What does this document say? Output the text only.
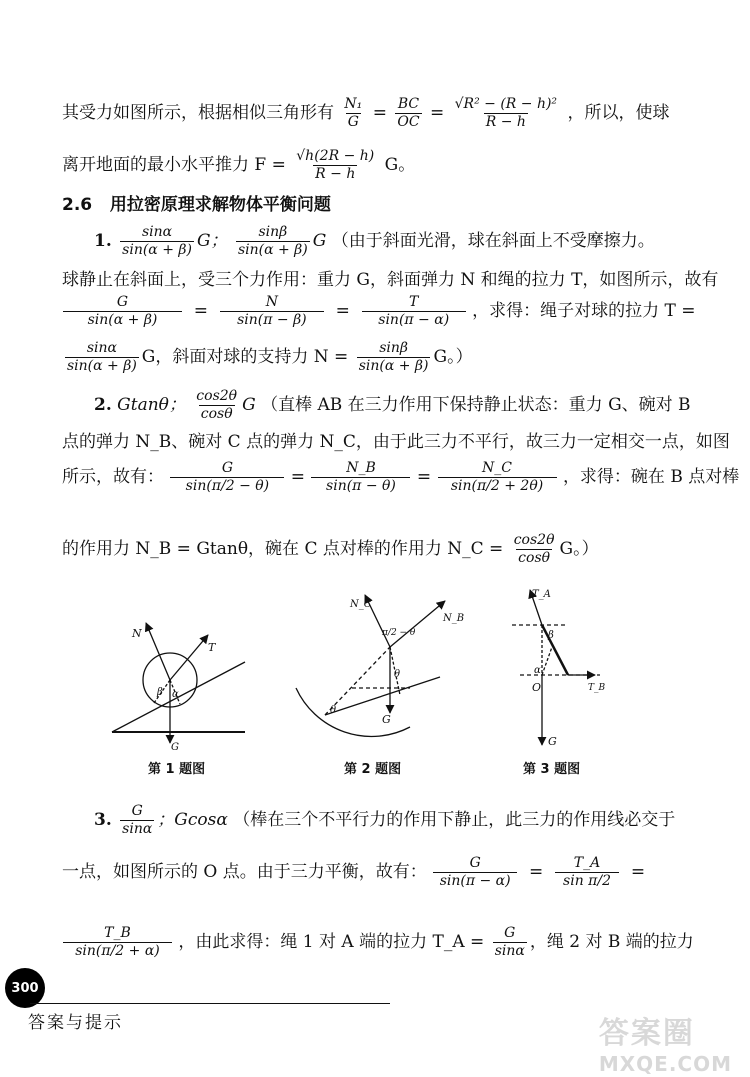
其受力如图所示，根据相似三角形有 $\frac{\text{N₁}}{G} = \frac{BC}{OC} = \frac{\text{√R² − (R − h)²}}{R - h}$ ，所以，使球
离开地面的最小水平推力 $F = \frac{√h(2R - h)}{R - h}$ G。
2.6 用拉密原理求解物体平衡问题
1. $\frac{\sin\alpha}{\sin(\alpha + \beta)}$ G； $\frac{\sin\beta}{\sin(\alpha + \beta)}$ G （由于斜面光滑，球在斜面上不受摩擦力。
球静止在斜面上，受三个力作用：重力 G，斜面弹力 N 和绳的拉力 T，如图所示，故有
$\frac{G}{\sin(\alpha + \beta)} = \frac{N}{\sin(\pi - \beta)} = \frac{T}{\sin(\pi - \alpha)}$ ，求得：绳子对球的拉力 T =
$\frac{\sin\alpha}{\sin(\alpha + \beta)}$ G，斜面对球的支持力 $N = \frac{\sin\beta}{\sin(\alpha + \beta)}$ G。）
2. Gtanθ； $\frac{\cos 2\theta}{\cos\theta}$ G （直棒 AB 在三力作用下保持静止状态：重力 G、碗对 B
点的弹力 N_B、碗对 C 点的弹力 N_C，由于此三力不平行，故三力一定相交一点，如图
所示，故有： $\frac{G}{\sin(\pi/2 - \theta)} = \frac{N\_B}{\sin(\pi - \theta)} = \frac{N\_C}{\sin(\pi/2 + 2\theta)}$ ，求得：碗在 B 点对棒
的作用力 N_B = Gtanθ，碗在 C 点对棒的作用力 N_C = $\frac{\cos 2\theta}{\cos\theta}$ G。）
N
T
G
β α
第 1 题图
N_C
N_B
π/2 − θ
θ
θ
G
第 2 题图
T_A
T_B
β
α
O
G
第 3 题图
3. $\frac{G}{\sin\alpha}$ ；Gcosα （棒在三个不平行力的作用下静止，此三力的作用线必交于
一点，如图所示的 O 点。由于三力平衡，故有： $\frac{G}{\sin(\pi - \alpha)} = \frac{T\_A}{\text{sin π/2}}$ =
$\frac{T\_B}{\sin(\pi/2 + \alpha)}$ ，由此求得：绳 1 对 A 端的拉力 T_A = $\frac{G}{\sin\alpha}$ ，绳 2 对 B 端的拉力
300
答案与提示	答案圈
MXQE.COM
